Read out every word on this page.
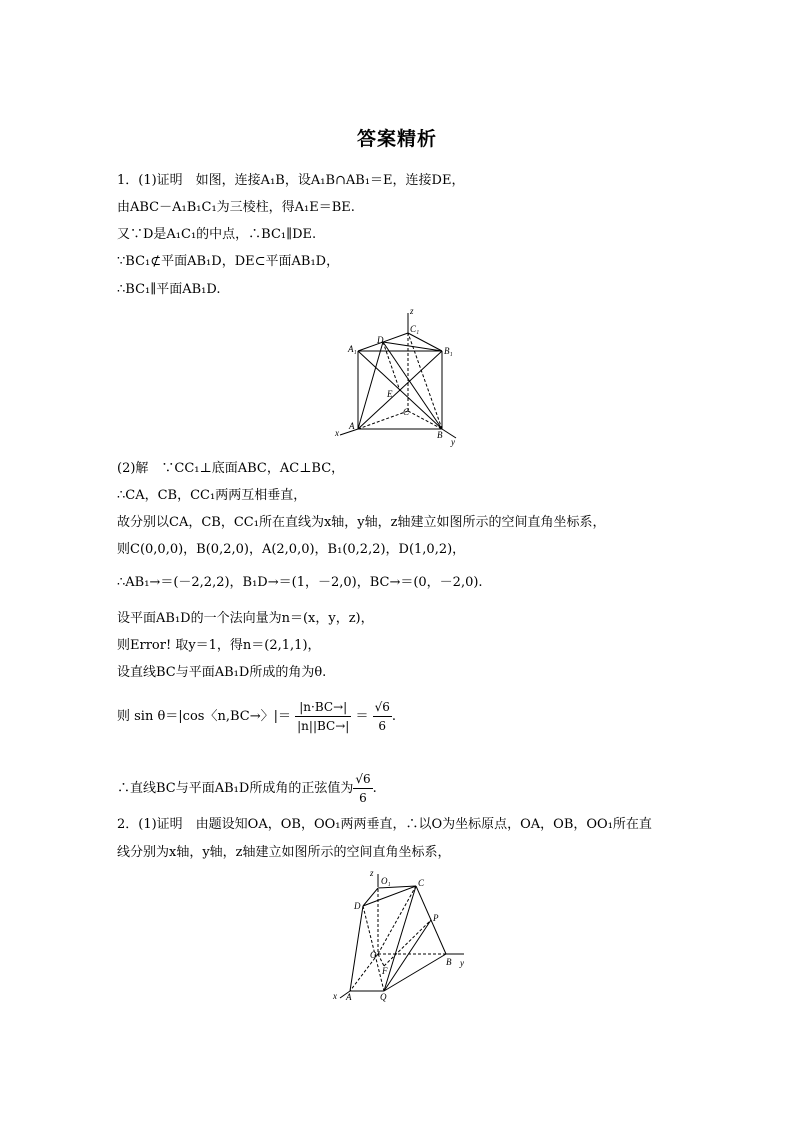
答案精析
1．(1)证明　如图，连接A₁B，设A₁B∩AB₁＝E，连接DE，
由ABC－A₁B₁C₁为三棱柱，得A₁E＝BE.
又∵D是A₁C₁的中点，∴BC₁∥DE.
∵BC₁⊄平面AB₁D，DE⊂平面AB₁D，
∴BC₁∥平面AB₁D.
z
C₁
D
A₁	B₁
E
C
A
B
x
y
(2)解　∵CC₁⊥底面ABC，AC⊥BC，
∴CA，CB，CC₁两两互相垂直，
故分别以CA，CB，CC₁所在直线为x轴，y轴，z轴建立如图所示的空间直角坐标系，
则C(0,0,0)，B(0,2,0)，A(2,0,0)，B₁(0,2,2)，D(1,0,2)，
∴AB₁→＝(－2,2,2)，B₁D→＝(1，－2,0)，BC→＝(0，－2,0).
设平面AB₁D的一个法向量为n＝(x，y，z)，
则Error! 取y＝1，得n＝(2,1,1)，
设直线BC与平面AB₁D所成的角为θ.
则 sin θ＝|cos〈n,BC→〉|＝ $\frac{|n\cdot BC\to|}{|n||BC\to|} = \frac{√6}{6}$ .
∴直线BC与平面AB₁D所成角的正弦值为 $\frac{√6}{6}$ .
2．(1)证明　由题设知OA，OB，OO₁两两垂直，∴以O为坐标原点，OA，OB，OO₁所在直
线分别为x轴，y轴，z轴建立如图所示的空间直角坐标系，
z
O₁	C
D
P
O
F
B y
x A	Q
